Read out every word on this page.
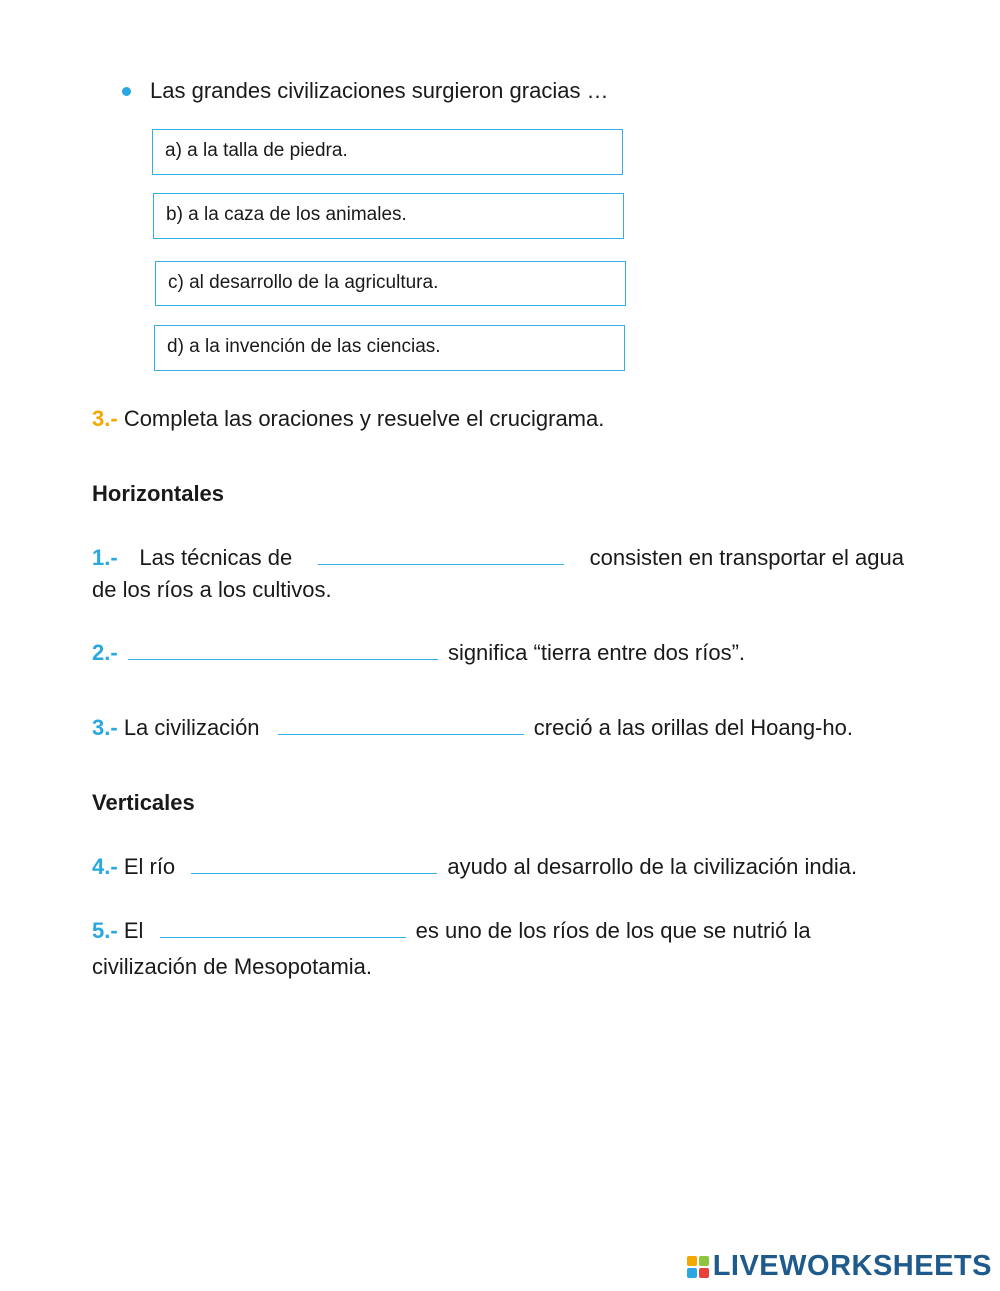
Las grandes civilizaciones surgieron gracias …
a) a la talla de piedra.
b) a la caza de los animales.
c) al desarrollo de la agricultura.
d) a la invención de las ciencias.
3.- Completa las oraciones y resuelve el crucigrama.
Horizontales
1.- Las técnicas de	consisten en transportar el agua
de los ríos a los cultivos.
2.-	significa “tierra entre dos ríos”.
3.- La civilización	creció a las orillas del Hoang-ho.
Verticales
4.- El río	ayudo al desarrollo de la civilización india.
5.- El	es uno de los ríos de los que se nutrió la
civilización de Mesopotamia.
LIVEWORKSHEETS
